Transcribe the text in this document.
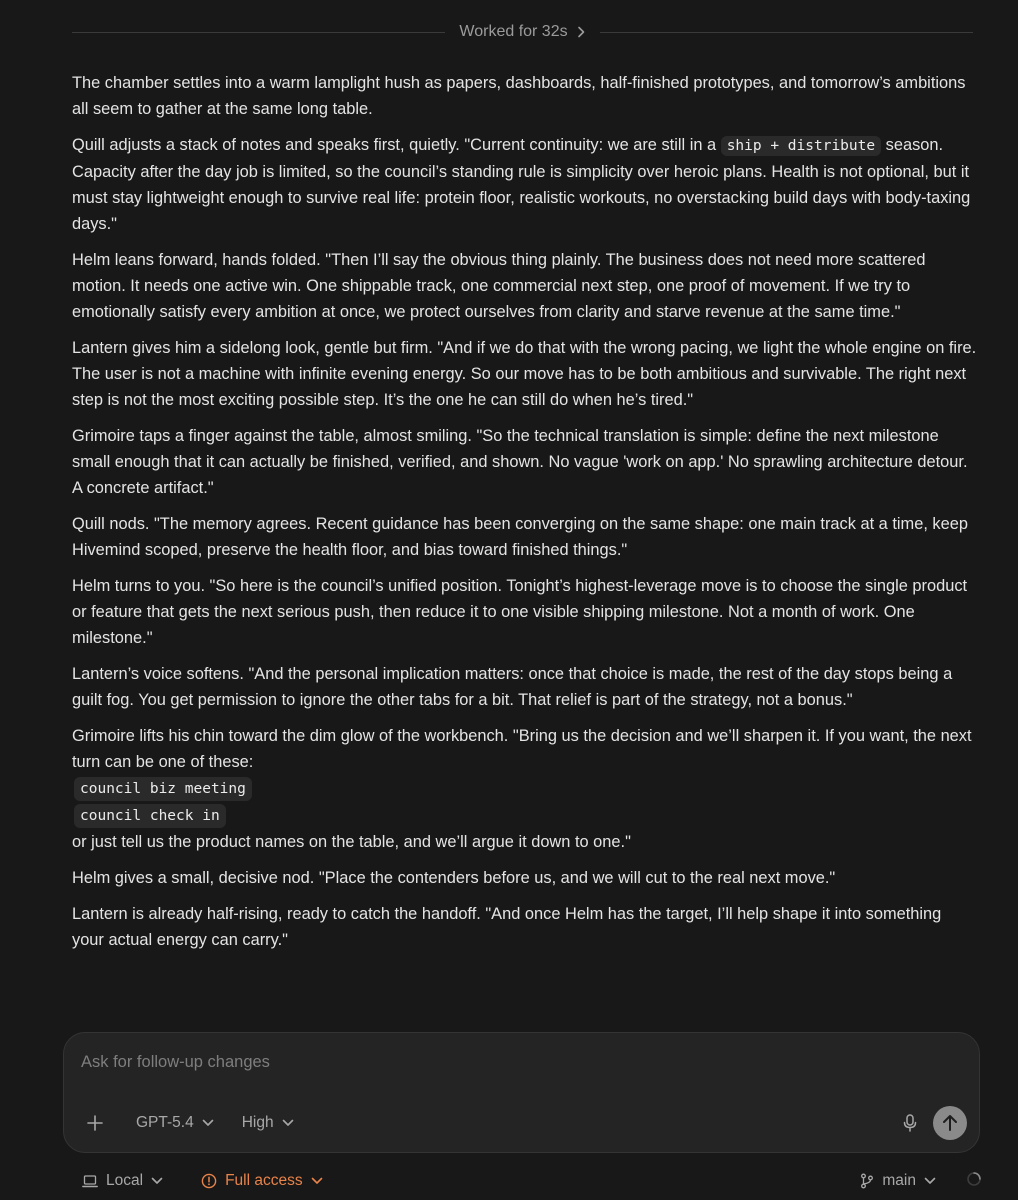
Worked for 32s

The chamber settles into a warm lamplight hush as papers, dashboards, half-finished prototypes, and tomorrow’s ambitions all seem to gather at the same long table.

Quill adjusts a stack of notes and speaks first, quietly. "Current continuity: we are still in a ship + distribute season. Capacity after the day job is limited, so the council’s standing rule is simplicity over heroic plans. Health is not optional, but it must stay lightweight enough to survive real life: protein floor, realistic workouts, no overstacking build days with body-taxing days."

Helm leans forward, hands folded. "Then I’ll say the obvious thing plainly. The business does not need more scattered motion. It needs one active win. One shippable track, one commercial next step, one proof of movement. If we try to emotionally satisfy every ambition at once, we protect ourselves from clarity and starve revenue at the same time."

Lantern gives him a sidelong look, gentle but firm. "And if we do that with the wrong pacing, we light the whole engine on fire. The user is not a machine with infinite evening energy. So our move has to be both ambitious and survivable. The right next step is not the most exciting possible step. It’s the one he can still do when he’s tired."

Grimoire taps a finger against the table, almost smiling. "So the technical translation is simple: define the next milestone small enough that it can actually be finished, verified, and shown. No vague 'work on app.' No sprawling architecture detour. A concrete artifact."

Quill nods. "The memory agrees. Recent guidance has been converging on the same shape: one main track at a time, keep Hivemind scoped, preserve the health floor, and bias toward finished things."

Helm turns to you. "So here is the council’s unified position. Tonight’s highest-leverage move is to choose the single product or feature that gets the next serious push, then reduce it to one visible shipping milestone. Not a month of work. One milestone."

Lantern’s voice softens. "And the personal implication matters: once that choice is made, the rest of the day stops being a guilt fog. You get permission to ignore the other tabs for a bit. That relief is part of the strategy, not a bonus."

Grimoire lifts his chin toward the dim glow of the workbench. "Bring us the decision and we’ll sharpen it. If you want, the next turn can be one of these:
council biz meeting
council check in
or just tell us the product names on the table, and we’ll argue it down to one."

Helm gives a small, decisive nod. "Place the contenders before us, and we will cut to the real next move."

Lantern is already half-rising, ready to catch the handoff. "And once Helm has the target, I’ll help shape it into something your actual energy can carry."

Ask for follow-up changes
GPT-5.4	High
Local	Full access	main
